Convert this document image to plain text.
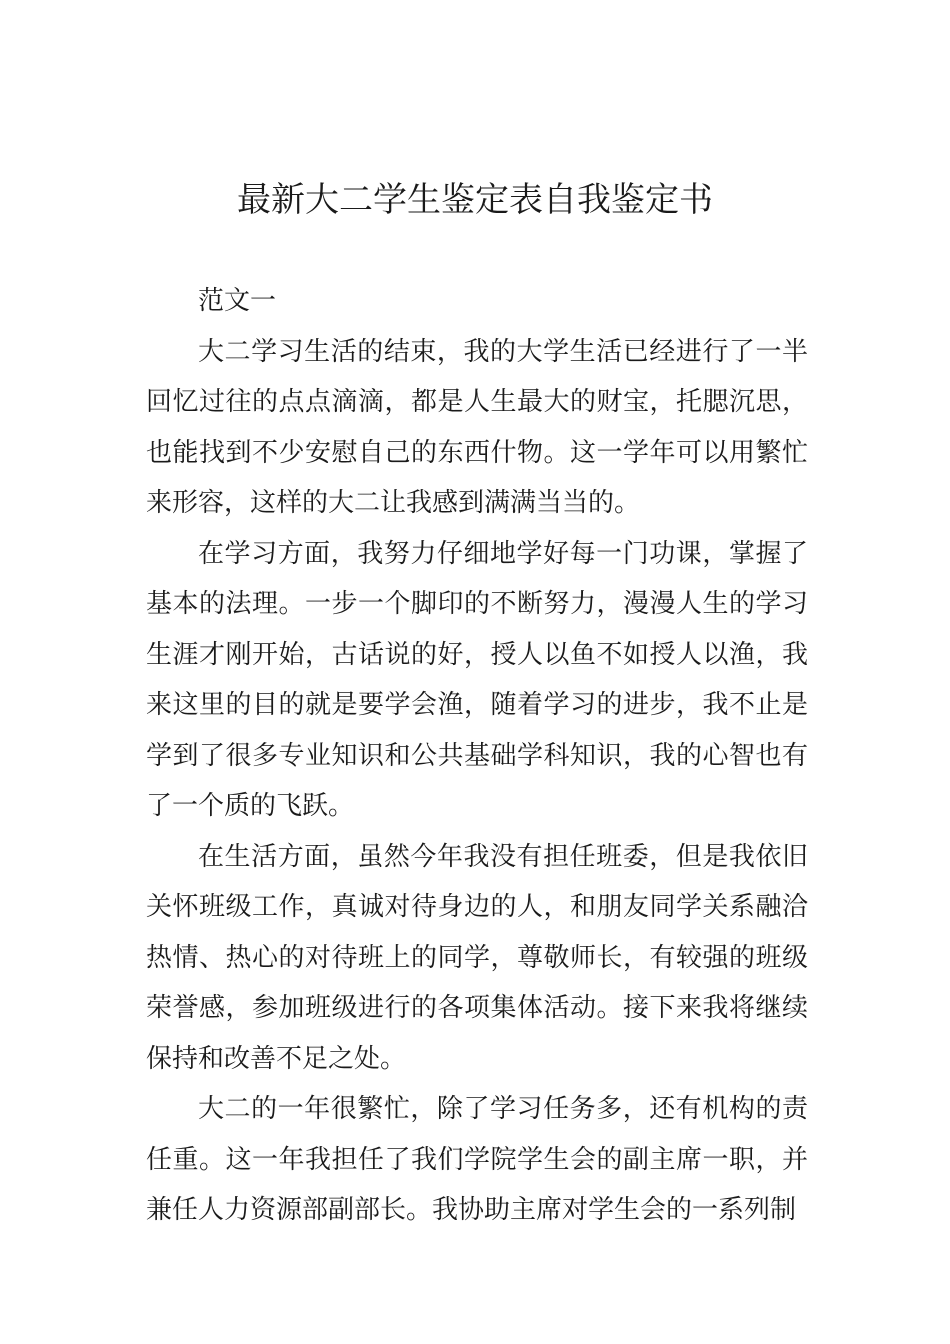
最新大二学生鉴定表自我鉴定书

范文一

大二学习生活的结束，我的大学生活已经进行了一半回忆过往的点点滴滴，都是人生最大的财宝，托腮沉思，也能找到不少安慰自己的东西什物。这一学年可以用繁忙来形容，这样的大二让我感到满满当当的。

在学习方面，我努力仔细地学好每一门功课，掌握了基本的法理。一步一个脚印的不断努力，漫漫人生的学习生涯才刚开始，古话说的好，授人以鱼不如授人以渔，我来这里的目的就是要学会渔，随着学习的进步，我不止是学到了很多专业知识和公共基础学科知识，我的心智也有了一个质的飞跃。

在生活方面，虽然今年我没有担任班委，但是我依旧关怀班级工作，真诚对待身边的人，和朋友同学关系融洽热情、热心的对待班上的同学，尊敬师长，有较强的班级荣誉感，参加班级进行的各项集体活动。接下来我将继续保持和改善不足之处。

大二的一年很繁忙，除了学习任务多，还有机构的责任重。这一年我担任了我们学院学生会的副主席一职，并兼任人力资源部副部长。我协助主席对学生会的一系列制
